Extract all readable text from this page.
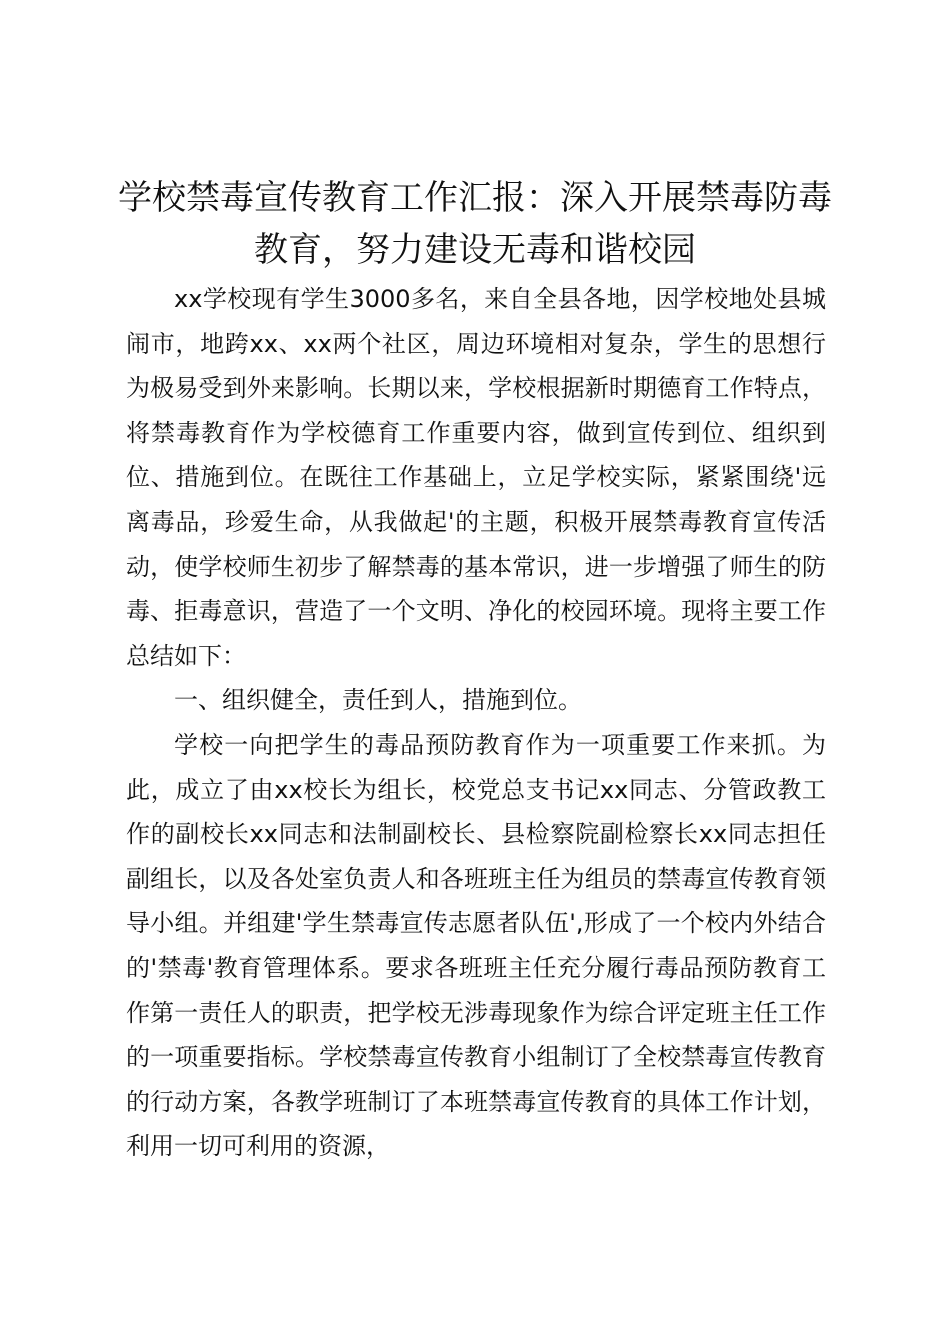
学校禁毒宣传教育工作汇报：深入开展禁毒防毒教育，努力建设无毒和谐校园

xx学校现有学生3000多名，来自全县各地，因学校地处县城闹市，地跨xx、xx两个社区，周边环境相对复杂，学生的思想行为极易受到外来影响。长期以来，学校根据新时期德育工作特点，将禁毒教育作为学校德育工作重要内容，做到宣传到位、组织到位、措施到位。在既往工作基础上，立足学校实际，紧紧围绕'远离毒品，珍爱生命，从我做起'的主题，积极开展禁毒教育宣传活动，使学校师生初步了解禁毒的基本常识，进一步增强了师生的防毒、拒毒意识，营造了一个文明、净化的校园环境。现将主要工作总结如下：

一、组织健全，责任到人，措施到位。

学校一向把学生的毒品预防教育作为一项重要工作来抓。为此，成立了由xx校长为组长，校党总支书记xx同志、分管政教工作的副校长xx同志和法制副校长、县检察院副检察长xx同志担任副组长，以及各处室负责人和各班班主任为组员的禁毒宣传教育领导小组。并组建'学生禁毒宣传志愿者队伍',形成了一个校内外结合的'禁毒'教育管理体系。要求各班班主任充分履行毒品预防教育工作第一责任人的职责，把学校无涉毒现象作为综合评定班主任工作的一项重要指标。学校禁毒宣传教育小组制订了全校禁毒宣传教育的行动方案，各教学班制订了本班禁毒宣传教育的具体工作计划，利用一切可利用的资源，
